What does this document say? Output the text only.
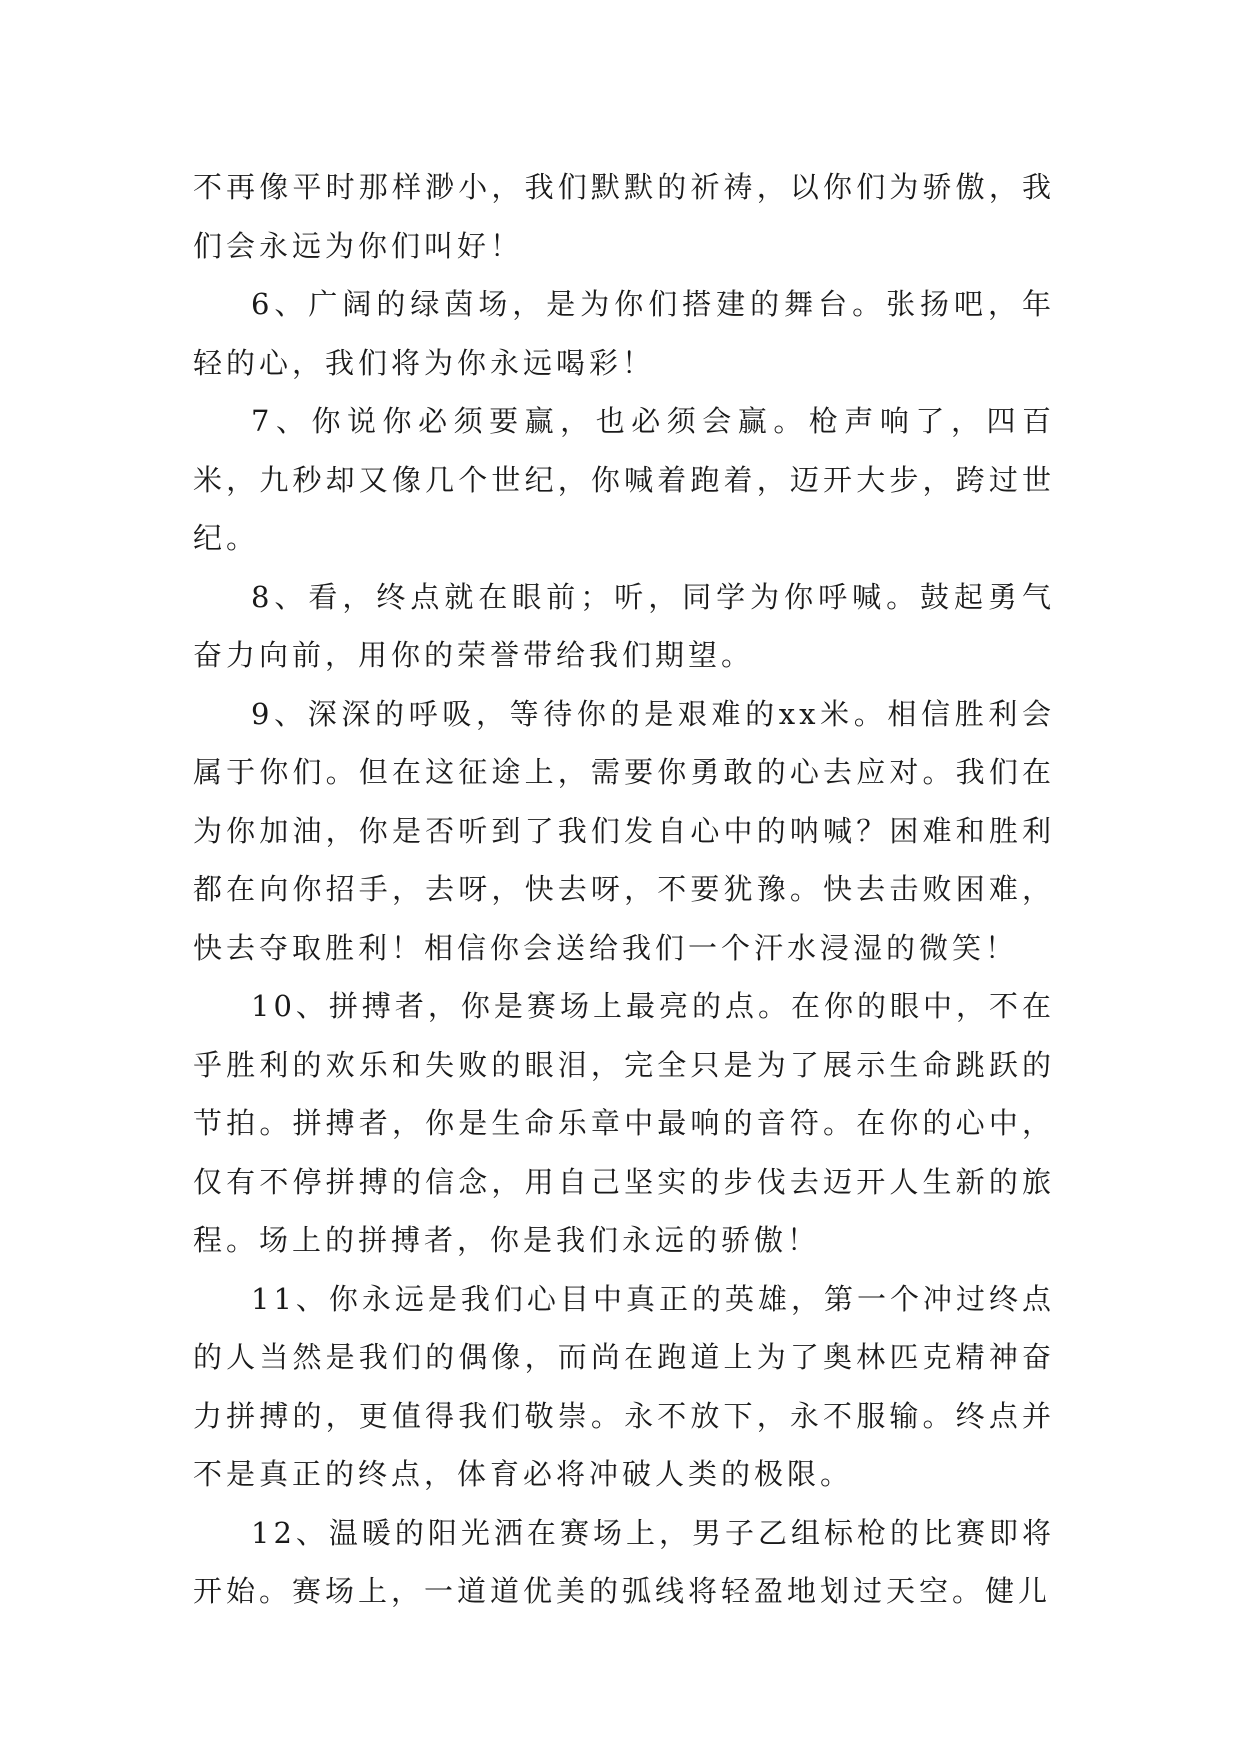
不再像平时那样渺小，我们默默的祈祷，以你们为骄傲，我们会永远为你们叫好！

6、广阔的绿茵场，是为你们搭建的舞台。张扬吧，年轻的心，我们将为你永远喝彩！

7、你说你必须要赢，也必须会赢。枪声响了，四百米，九秒却又像几个世纪，你喊着跑着，迈开大步，跨过世纪。

8、看，终点就在眼前；听，同学为你呼喊。鼓起勇气奋力向前，用你的荣誉带给我们期望。

9、深深的呼吸，等待你的是艰难的xx米。相信胜利会属于你们。但在这征途上，需要你勇敢的心去应对。我们在为你加油，你是否听到了我们发自心中的呐喊？困难和胜利都在向你招手，去呀，快去呀，不要犹豫。快去击败困难，快去夺取胜利！相信你会送给我们一个汗水浸湿的微笑！

10、拼搏者，你是赛场上最亮的点。在你的眼中，不在乎胜利的欢乐和失败的眼泪，完全只是为了展示生命跳跃的节拍。拼搏者，你是生命乐章中最响的音符。在你的心中，仅有不停拼搏的信念，用自己坚实的步伐去迈开人生新的旅程。场上的拼搏者，你是我们永远的骄傲！

11、你永远是我们心目中真正的英雄，第一个冲过终点的人当然是我们的偶像，而尚在跑道上为了奥林匹克精神奋力拼搏的，更值得我们敬崇。永不放下，永不服输。终点并不是真正的终点，体育必将冲破人类的极限。

12、温暖的阳光洒在赛场上，男子乙组标枪的比赛即将开始。赛场上，一道道优美的弧线将轻盈地划过天空。健儿
